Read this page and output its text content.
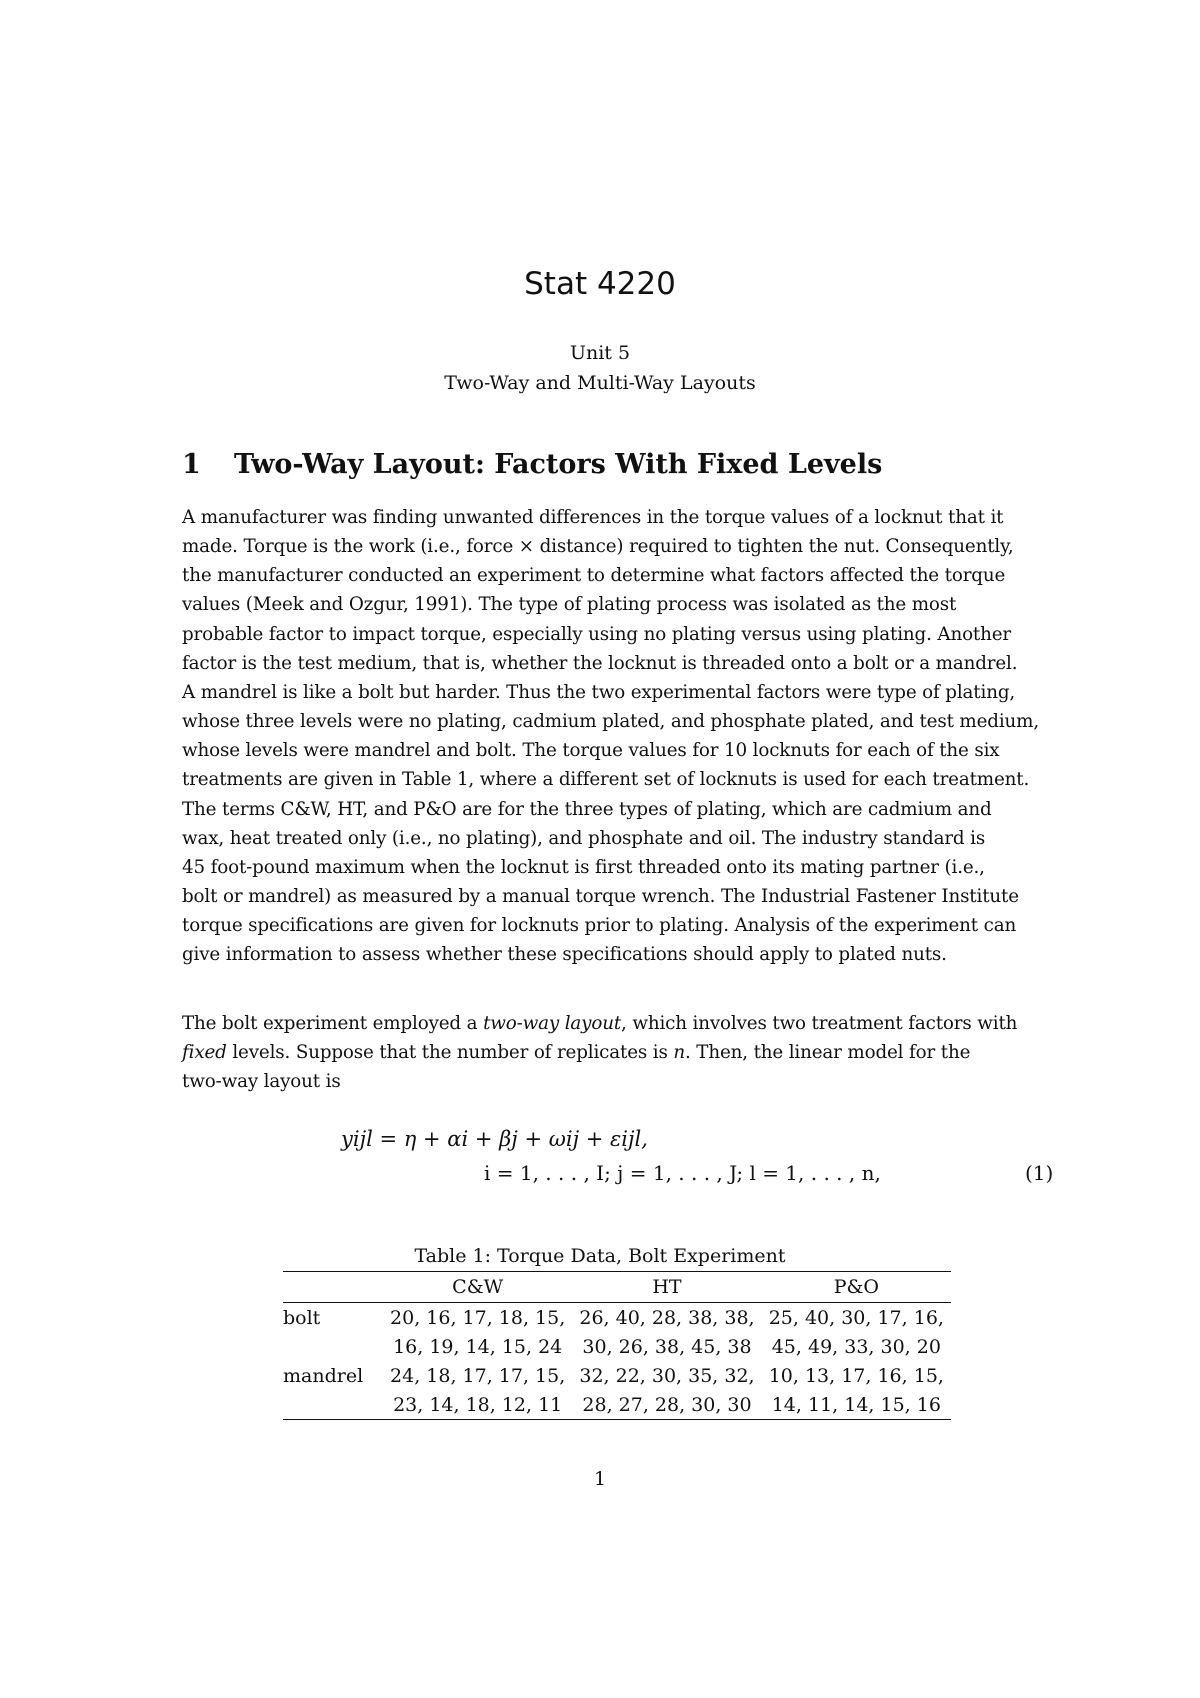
Stat 4220
Unit 5
Two-Way and Multi-Way Layouts
1 Two-Way Layout: Factors With Fixed Levels
A manufacturer was finding unwanted differences in the torque values of a locknut that it
made. Torque is the work (i.e., force × distance) required to tighten the nut. Consequently,
the manufacturer conducted an experiment to determine what factors affected the torque
values (Meek and Ozgur, 1991). The type of plating process was isolated as the most
probable factor to impact torque, especially using no plating versus using plating. Another
factor is the test medium, that is, whether the locknut is threaded onto a bolt or a mandrel.
A mandrel is like a bolt but harder. Thus the two experimental factors were type of plating,
whose three levels were no plating, cadmium plated, and phosphate plated, and test medium,
whose levels were mandrel and bolt. The torque values for 10 locknuts for each of the six
treatments are given in Table 1, where a different set of locknuts is used for each treatment.
The terms C&W, HT, and P&O are for the three types of plating, which are cadmium and
wax, heat treated only (i.e., no plating), and phosphate and oil. The industry standard is
45 foot-pound maximum when the locknut is first threaded onto its mating partner (i.e.,
bolt or mandrel) as measured by a manual torque wrench. The Industrial Fastener Institute
torque specifications are given for locknuts prior to plating. Analysis of the experiment can
give information to assess whether these specifications should apply to plated nuts.
The bolt experiment employed a two-way layout, which involves two treatment factors with
fixed levels. Suppose that the number of replicates is n. Then, the linear model for the
two-way layout is
yijl = η + αi + βj + ωij + εijl,
i = 1, . . . , I; j = 1, . . . , J; l = 1, . . . , n,	(1)
Table 1: Torque Data, Bolt Experiment
	C&W	HT	P&O
bolt	20, 16, 17, 18, 15,	26, 40, 28, 38, 38,	25, 40, 30, 17, 16,
	16, 19, 14, 15, 24	30, 26, 38, 45, 38	45, 49, 33, 30, 20
mandrel	24, 18, 17, 17, 15,	32, 22, 30, 35, 32,	10, 13, 17, 16, 15,
	23, 14, 18, 12, 11	28, 27, 28, 30, 30	14, 11, 14, 15, 16
1
